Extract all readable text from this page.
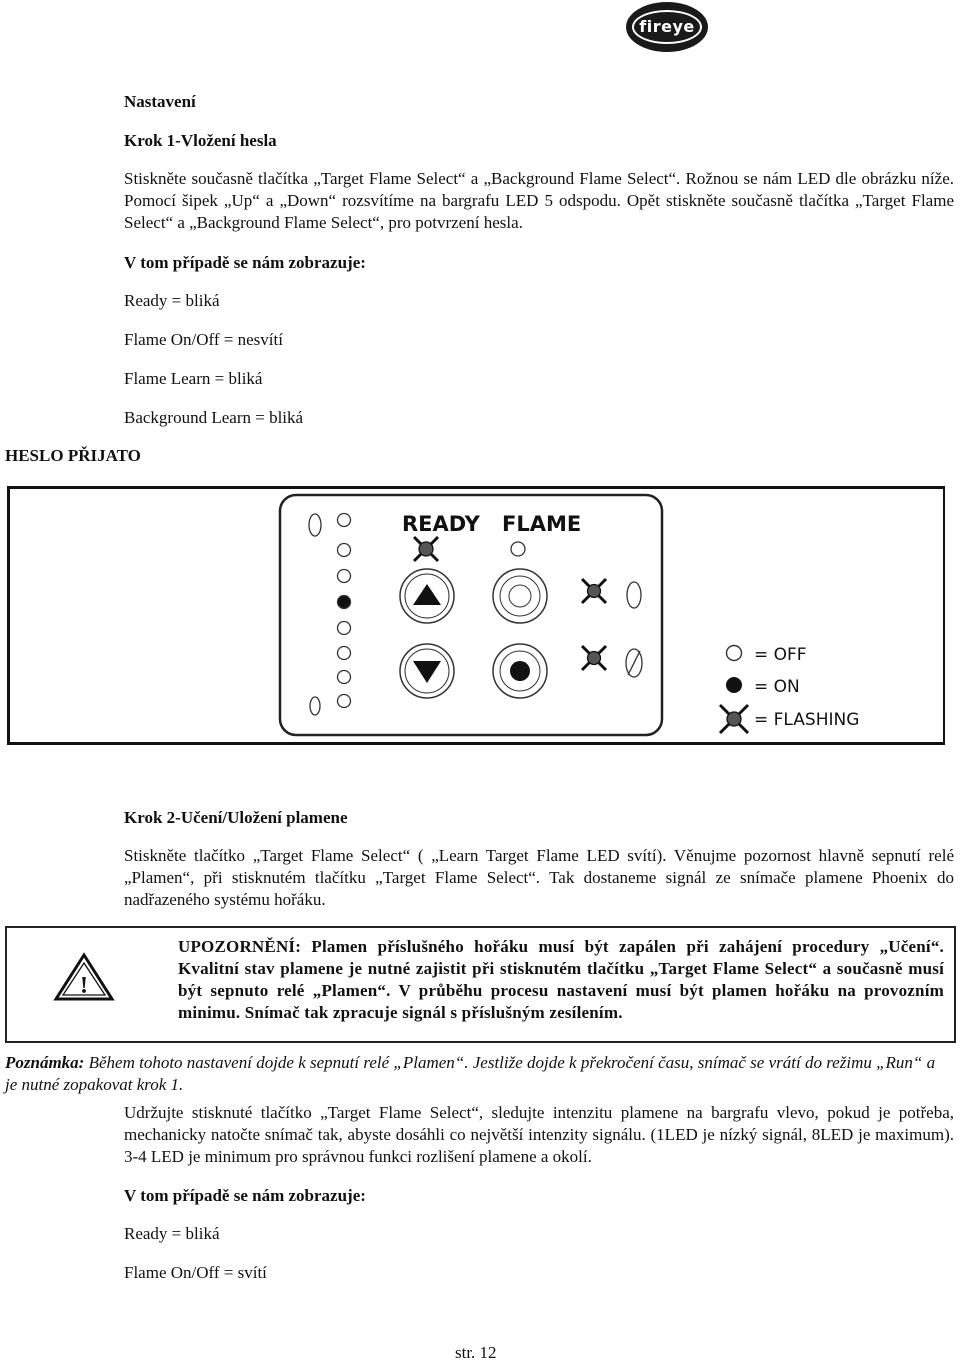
fireye
Nastavení
Krok 1-Vložení hesla
Stiskněte současně tlačítka „Target Flame Select“ a „Background Flame Select“. Rožnou se nám LED dle obrázku níže. Pomocí šipek „Up“ a „Down“ rozsvítíme na bargrafu LED 5 odspodu. Opět stiskněte současně tlačítka „Target Flame Select“ a „Background Flame Select“, pro potvrzení hesla.
V tom případě se nám zobrazuje:
Ready = bliká
Flame On/Off = nesvítí
Flame Learn = bliká
Background Learn = bliká
HESLO PŘIJATO
READY FLAME
= OFF
= ON
= FLASHING
Krok 2-Učení/Uložení plamene
Stiskněte tlačítko „Target Flame Select“ ( „Learn Target Flame LED svítí). Věnujme pozornost hlavně sepnutí relé „Plamen“, při stisknutém tlačítku „Target Flame Select“. Tak dostaneme signál ze snímače plamene Phoenix do nadřazeného systému hořáku.
!
UPOZORNĚNÍ: Plamen příslušného hořáku musí být zapálen při zahájení procedury „Učení“. Kvalitní stav plamene je nutné zajistit při stisknutém tlačítku „Target Flame Select“ a současně musí být sepnuto relé „Plamen“. V průběhu procesu nastavení musí být plamen hořáku na provozním minimu. Snímač tak zpracuje signál s příslušným zesílením.
Poznámka: Během tohoto nastavení dojde k sepnutí relé „Plamen“. Jestliže dojde k překročení času, snímač se vrátí do režimu „Run“ a je nutné zopakovat krok 1.
Udržujte stisknuté tlačítko „Target Flame Select“, sledujte intenzitu plamene na bargrafu vlevo, pokud je potřeba, mechanicky natočte snímač tak, abyste dosáhli co největší intenzity signálu. (1LED je nízký signál, 8LED je maximum). 3-4 LED je minimum pro správnou funkci rozlišení plamene a okolí.
V tom případě se nám zobrazuje:
Ready = bliká
Flame On/Off = svítí
str. 12
